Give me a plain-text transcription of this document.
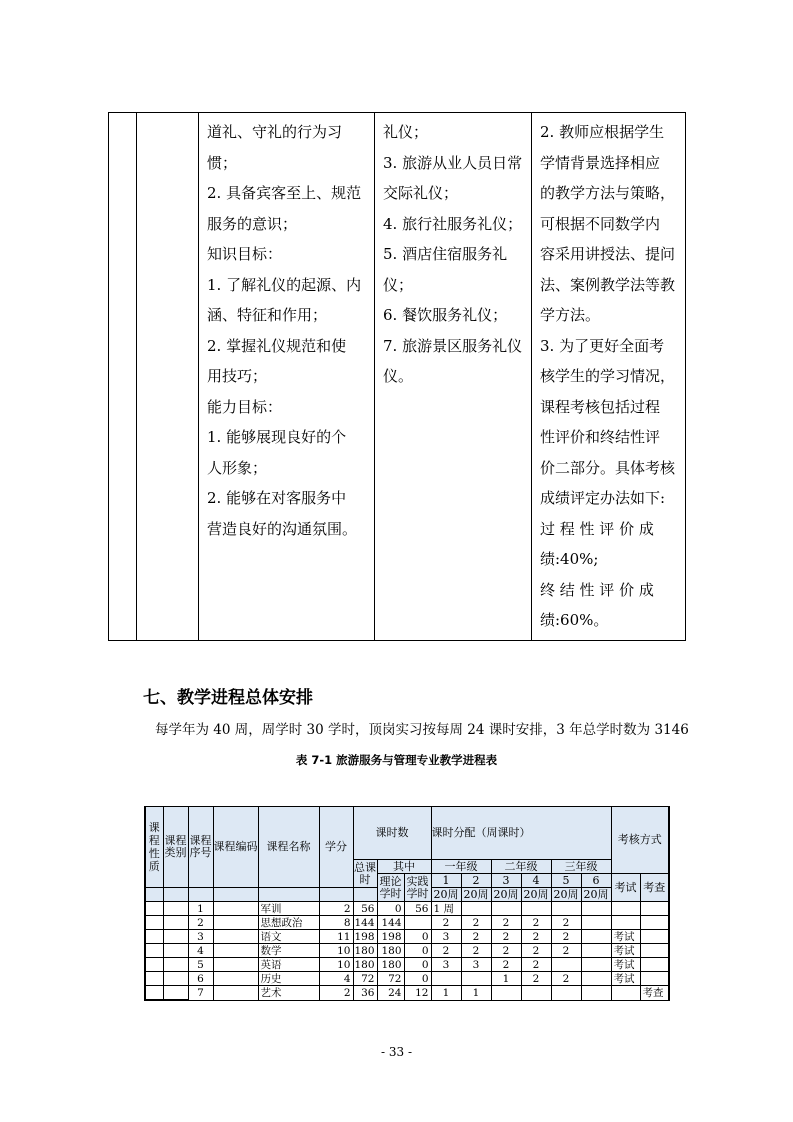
道礼、守礼的行为习
惯；
2. 具备宾客至上、规范
服务的意识；
知识目标：
1. 了解礼仪的起源、内
涵、特征和作用；
2. 掌握礼仪规范和使
用技巧；
能力目标：
1. 能够展现良好的个
人形象；
2. 能够在对客服务中
营造良好的沟通氛围。

礼仪；
3. 旅游从业人员日常
交际礼仪；
4. 旅行社服务礼仪；
5. 酒店住宿服务礼
仪；
6. 餐饮服务礼仪；
7. 旅游景区服务礼仪
仪。

2. 教师应根据学生
学情背景选择相应
的教学方法与策略，
可根据不同数学内
容采用讲授法、提问
法、案例教学法等教
学方法。
3. 为了更好全面考
核学生的学习情况，
课程考核包括过程
性评价和终结性评
价二部分。具体考核
成绩评定办法如下:
过 程 性 评 价 成
绩:40%;
终 结 性 评 价 成
绩:60%。
七、教学进程总体安排
每学年为 40 周，周学时 30 学时，顶岗实习按每周 24 课时安排，3 年总学时数为 3146
表 7-1 旅游服务与管理专业教学进程表
课程性质	课程类别	课程序号	课程编码	课程名称	学分	课时数			课时分配（周课时）						考核方式	

						总课时	其中		一年级		二年级		三年级			
							理论学时	实践学时	1	2	3	4	5	6	考试	考查
									20周	20周	20周	20周	20周	20周		
		1		军训	2	56	0	56	1 周							
		2		思想政治	8	144	144		2	2	2	2	2			
		3		语文	11	198	198	0	3	2	2	2	2		考试	
		4		数学	10	180	180	0	2	2	2	2	2		考试	
		5		英语	10	180	180	0	3	3	2	2			考试	
		6		历史	4	72	72	0			1	2	2		考试	
		7		艺术	2	36	24	12	1	1						考查
- 33 -
